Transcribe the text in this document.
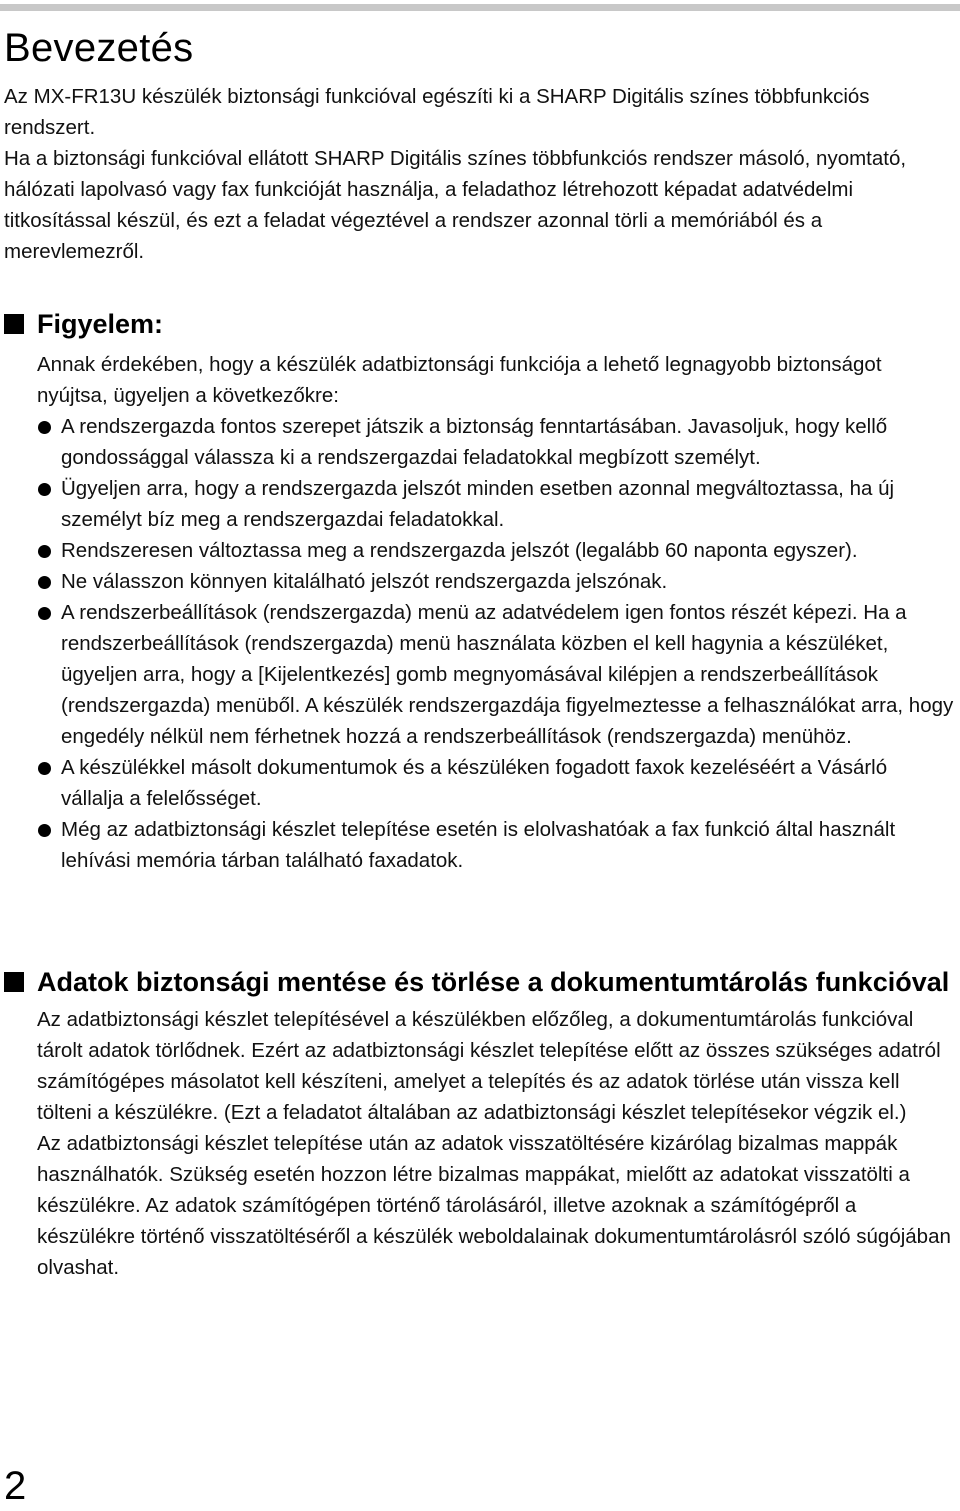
Bevezetés

Az MX-FR13U készülék biztonsági funkcióval egészíti ki a SHARP Digitális színes többfunkciós rendszert.

Ha a biztonsági funkcióval ellátott SHARP Digitális színes többfunkciós rendszer másoló, nyomtató, hálózati lapolvasó vagy fax funkcióját használja, a feladathoz létrehozott képadat adatvédelmi titkosítással készül, és ezt a feladat végeztével a rendszer azonnal törli a memóriából és a merevlemezről.

Figyelem:

Annak érdekében, hogy a készülék adatbiztonsági funkciója a lehető legnagyobb biztonságot nyújtsa, ügyeljen a következőkre:

A rendszergazda fontos szerepet játszik a biztonság fenntartásában. Javasoljuk, hogy kellő gondossággal válassza ki a rendszergazdai feladatokkal megbízott személyt.
Ügyeljen arra, hogy a rendszergazda jelszót minden esetben azonnal megváltoztassa, ha új személyt bíz meg a rendszergazdai feladatokkal.
Rendszeresen változtassa meg a rendszergazda jelszót (legalább 60 naponta egyszer).
Ne válasszon könnyen kitalálható jelszót rendszergazda jelszónak.
A rendszerbeállítások (rendszergazda) menü az adatvédelem igen fontos részét képezi. Ha a rendszerbeállítások (rendszergazda) menü használata közben el kell hagynia a készüléket, ügyeljen arra, hogy a [Kijelentkezés] gomb megnyomásával kilépjen a rendszerbeállítások (rendszergazda) menüből. A készülék rendszergazdája figyelmeztesse a felhasználókat arra, hogy engedély nélkül nem férhetnek hozzá a rendszerbeállítások (rendszergazda) menühöz.
A készülékkel másolt dokumentumok és a készüléken fogadott faxok kezeléséért a Vásárló vállalja a felelősséget.
Még az adatbiztonsági készlet telepítése esetén is elolvashatóak a fax funkció által használt lehívási memória tárban található faxadatok.
Adatok biztonsági mentése és törlése a dokumentumtárolás funkcióval

Az adatbiztonsági készlet telepítésével a készülékben előzőleg, a dokumentumtárolás funkcióval tárolt adatok törlődnek. Ezért az adatbiztonsági készlet telepítése előtt az összes szükséges adatról számítógépes másolatot kell készíteni, amelyet a telepítés és az adatok törlése után vissza kell tölteni a készülékre. (Ezt a feladatot általában az adatbiztonsági készlet telepítésekor végzik el.)

Az adatbiztonsági készlet telepítése után az adatok visszatöltésére kizárólag bizalmas mappák használhatók. Szükség esetén hozzon létre bizalmas mappákat, mielőtt az adatokat visszatölti a készülékre. Az adatok számítógépen történő tárolásáról, illetve azoknak a számítógépről a készülékre történő visszatöltéséről a készülék weboldalainak dokumentumtárolásról szóló súgójában olvashat.

2
